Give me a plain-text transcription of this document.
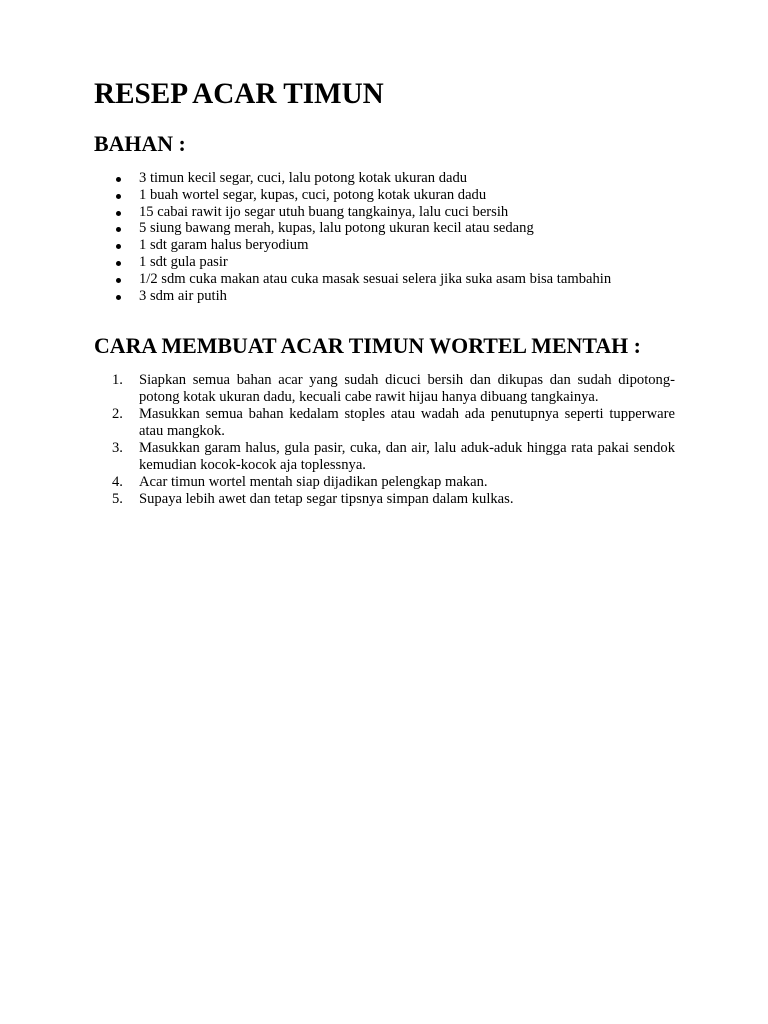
RESEP ACAR TIMUN
BAHAN :
3 timun kecil segar, cuci, lalu potong kotak ukuran dadu
1 buah wortel segar, kupas, cuci, potong kotak ukuran dadu
15 cabai rawit ijo segar utuh buang tangkainya, lalu cuci bersih
5 siung bawang merah, kupas, lalu potong ukuran kecil atau sedang
1 sdt garam halus beryodium
1 sdt gula pasir
1/2 sdm cuka makan atau cuka masak sesuai selera jika suka asam bisa tambahin
3 sdm air putih
CARA MEMBUAT ACAR TIMUN WORTEL MENTAH :
1. Siapkan semua bahan acar yang sudah dicuci bersih dan dikupas dan sudah dipotong-potong kotak ukuran dadu, kecuali cabe rawit hijau hanya dibuang tangkainya.
2. Masukkan semua bahan kedalam stoples atau wadah ada penutupnya seperti tupperware atau mangkok.
3. Masukkan garam halus, gula pasir, cuka, dan air, lalu aduk-aduk hingga rata pakai sendok kemudian kocok-kocok aja toplessnya.
4. Acar timun wortel mentah siap dijadikan pelengkap makan.
5. Supaya lebih awet dan tetap segar tipsnya simpan dalam kulkas.
